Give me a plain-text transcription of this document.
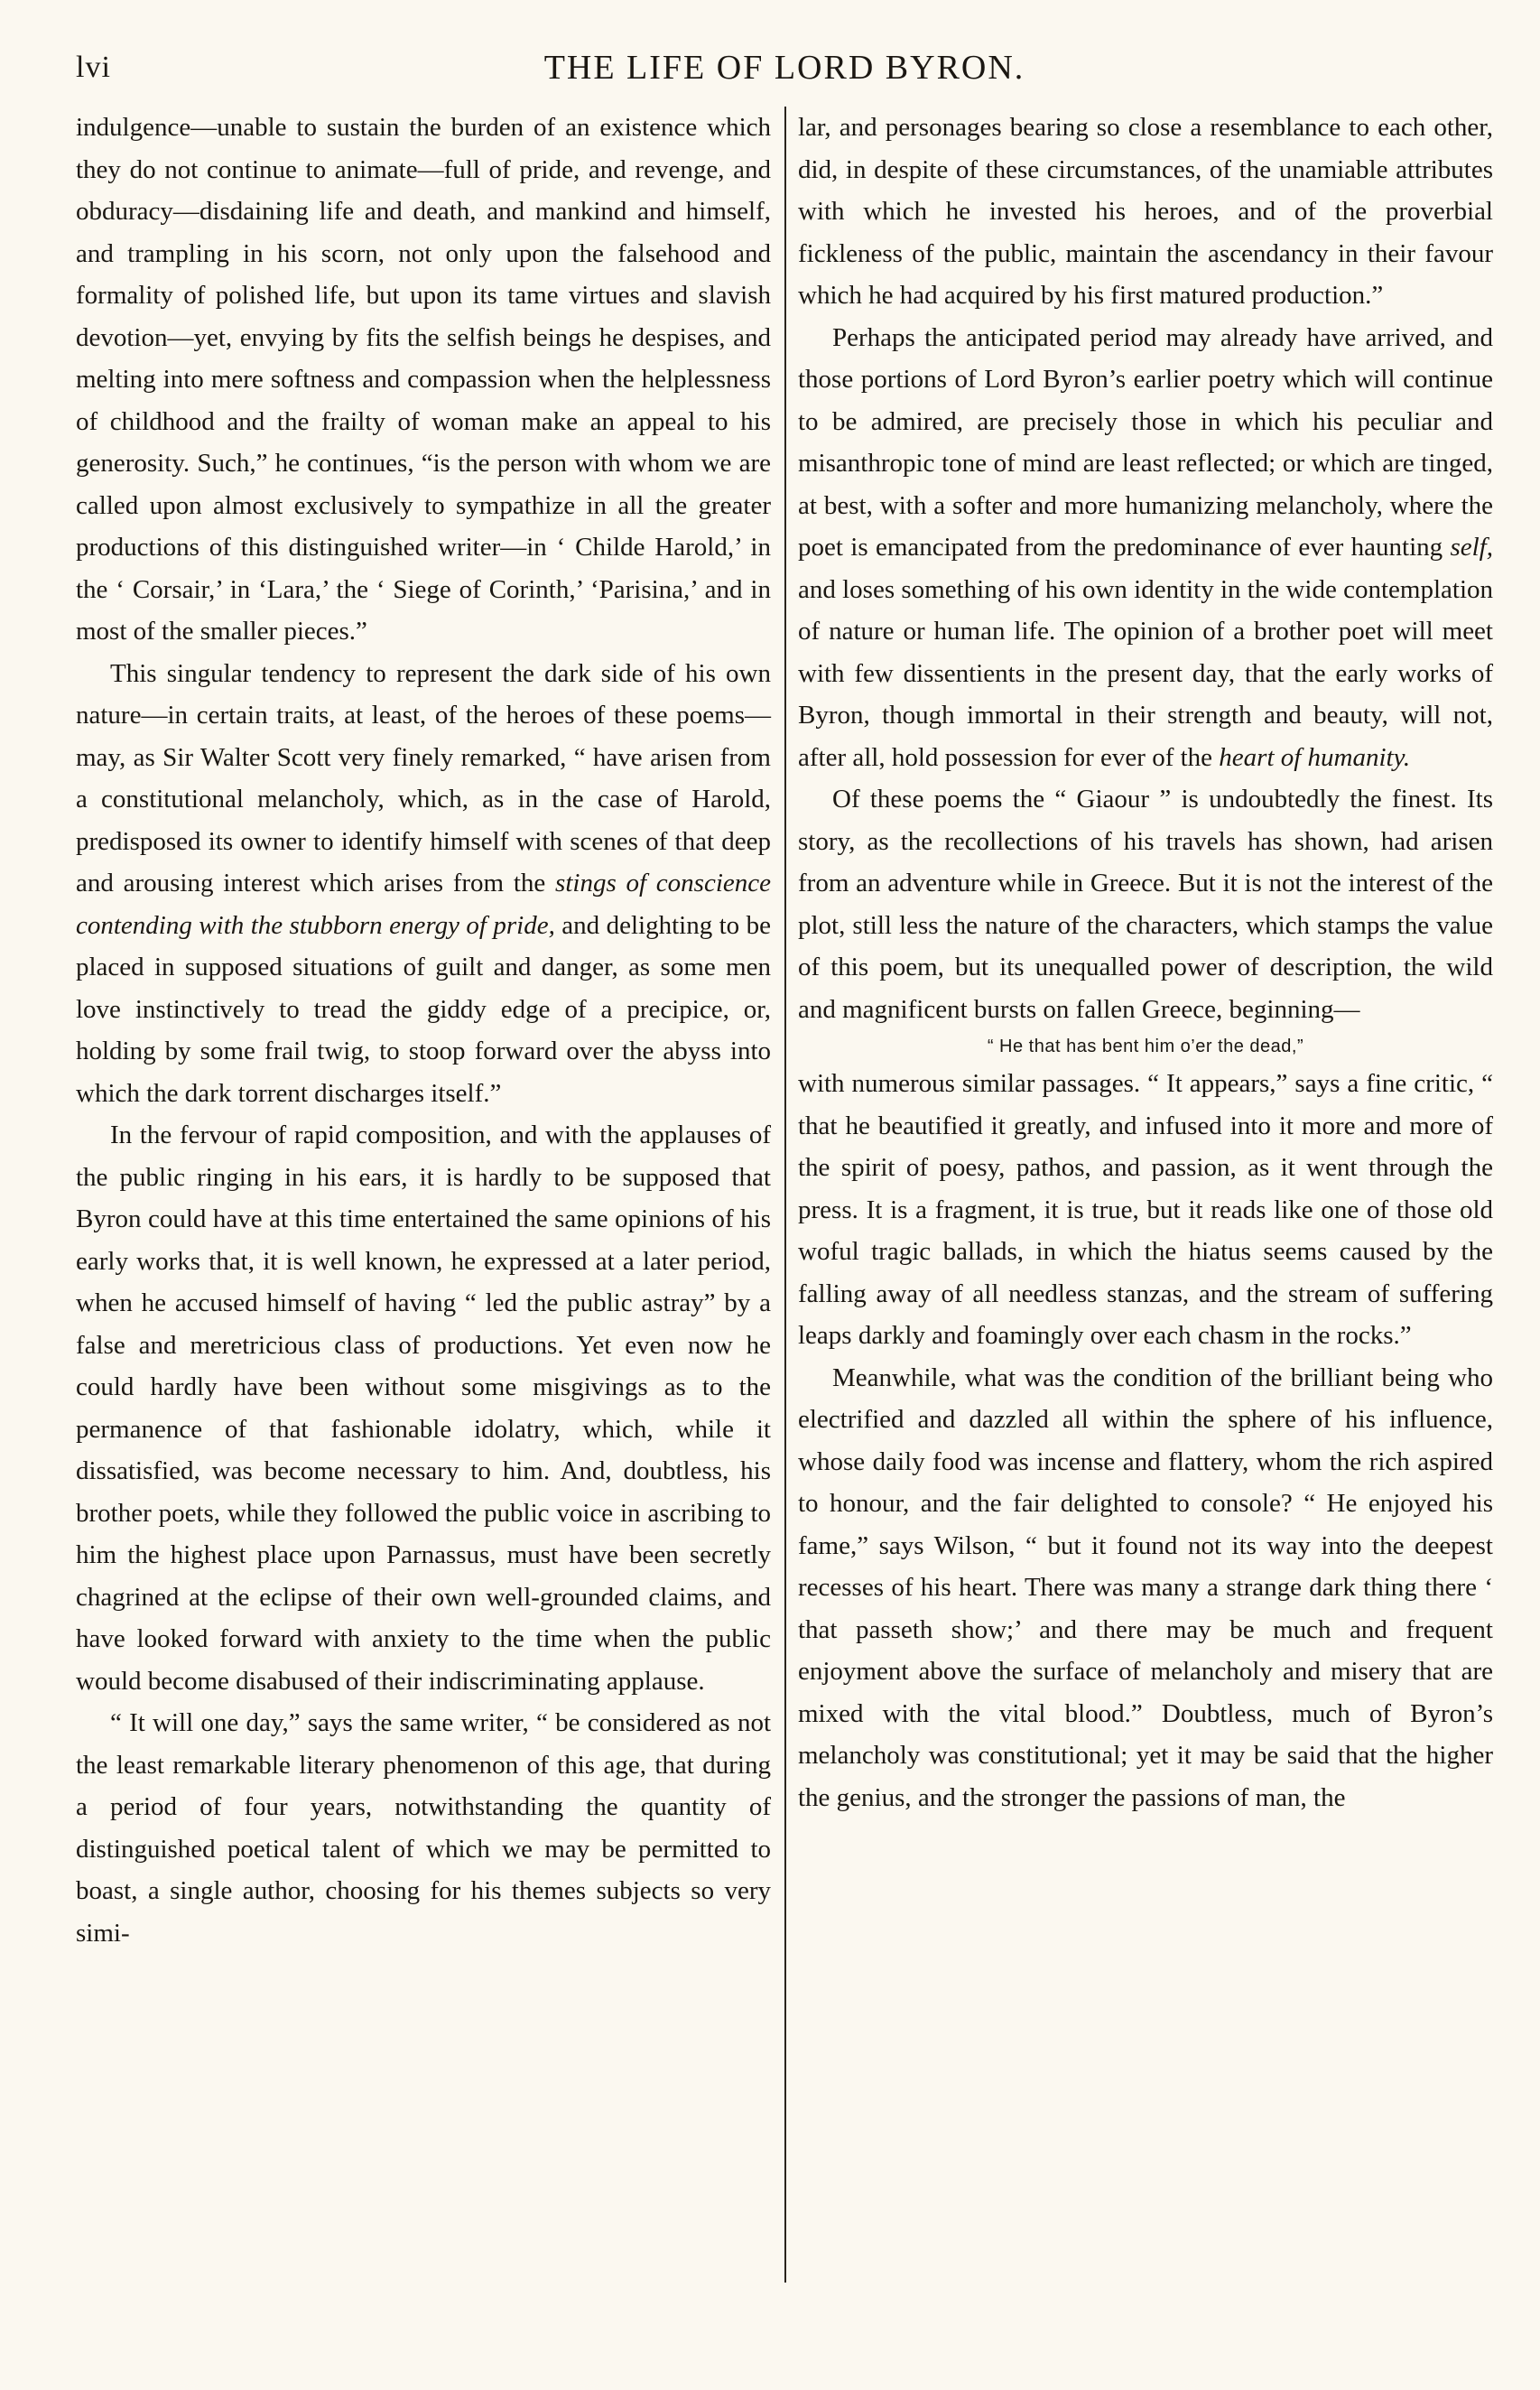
lvi	THE LIFE OF LORD BYRON.

indulgence—unable to sustain the burden of an existence which they do not continue to animate—full of pride, and revenge, and obduracy—disdaining life and death, and mankind and himself, and trampling in his scorn, not only upon the falsehood and formality of polished life, but upon its tame virtues and slavish devotion—yet, envying by fits the selfish beings he despises, and melting into mere softness and compassion when the helplessness of childhood and the frailty of woman make an appeal to his generosity. Such,” he continues, “is the person with whom we are called upon almost exclusively to sympathize in all the greater productions of this distinguished writer—in ‘ Childe Harold,’ in the ‘ Corsair,’ in ‘Lara,’ the ‘ Siege of Corinth,’ ‘Parisina,’ and in most of the smaller pieces.”

This singular tendency to represent the dark side of his own nature—in certain traits, at least, of the heroes of these poems—may, as Sir Walter Scott very finely remarked, “ have arisen from a constitutional melancholy, which, as in the case of Harold, predisposed its owner to identify himself with scenes of that deep and arousing interest which arises from the stings of conscience contending with the stubborn energy of pride, and delighting to be placed in supposed situations of guilt and danger, as some men love instinctively to tread the giddy edge of a precipice, or, holding by some frail twig, to stoop forward over the abyss into which the dark torrent discharges itself.”

In the fervour of rapid composition, and with the applauses of the public ringing in his ears, it is hardly to be supposed that Byron could have at this time entertained the same opinions of his early works that, it is well known, he expressed at a later period, when he accused himself of having “ led the public astray” by a false and meretricious class of productions. Yet even now he could hardly have been without some misgivings as to the permanence of that fashionable idolatry, which, while it dissatisfied, was become necessary to him. And, doubtless, his brother poets, while they followed the public voice in ascribing to him the highest place upon Parnassus, must have been secretly chagrined at the eclipse of their own well-grounded claims, and have looked forward with anxiety to the time when the public would become disabused of their indiscriminating applause.

“ It will one day,” says the same writer, “ be considered as not the least remarkable literary phenomenon of this age, that during a period of four years, notwithstanding the quantity of distinguished poetical talent of which we may be permitted to boast, a single author, choosing for his themes subjects so very simi-

lar, and personages bearing so close a resemblance to each other, did, in despite of these circumstances, of the unamiable attributes with which he invested his heroes, and of the proverbial fickleness of the public, maintain the ascendancy in their favour which he had acquired by his first matured production.”

Perhaps the anticipated period may already have arrived, and those portions of Lord Byron’s earlier poetry which will continue to be admired, are precisely those in which his peculiar and misanthropic tone of mind are least reflected; or which are tinged, at best, with a softer and more humanizing melancholy, where the poet is emancipated from the predominance of ever haunting self, and loses something of his own identity in the wide contemplation of nature or human life. The opinion of a brother poet will meet with few dissentients in the present day, that the early works of Byron, though immortal in their strength and beauty, will not, after all, hold possession for ever of the heart of humanity.

Of these poems the “ Giaour ” is undoubtedly the finest. Its story, as the recollections of his travels has shown, had arisen from an adventure while in Greece. But it is not the interest of the plot, still less the nature of the characters, which stamps the value of this poem, but its unequalled power of description, the wild and magnificent bursts on fallen Greece, beginning—

“ He that has bent him o’er the dead,”

with numerous similar passages. “ It appears,” says a fine critic, “ that he beautified it greatly, and infused into it more and more of the spirit of poesy, pathos, and passion, as it went through the press. It is a fragment, it is true, but it reads like one of those old woful tragic ballads, in which the hiatus seems caused by the falling away of all needless stanzas, and the stream of suffering leaps darkly and foamingly over each chasm in the rocks.”

Meanwhile, what was the condition of the brilliant being who electrified and dazzled all within the sphere of his influence, whose daily food was incense and flattery, whom the rich aspired to honour, and the fair delighted to console? “ He enjoyed his fame,” says Wilson, “ but it found not its way into the deepest recesses of his heart. There was many a strange dark thing there ‘ that passeth show;’ and there may be much and frequent enjoyment above the surface of melancholy and misery that are mixed with the vital blood.” Doubtless, much of Byron’s melancholy was constitutional; yet it may be said that the higher the genius, and the stronger the passions of man, the
